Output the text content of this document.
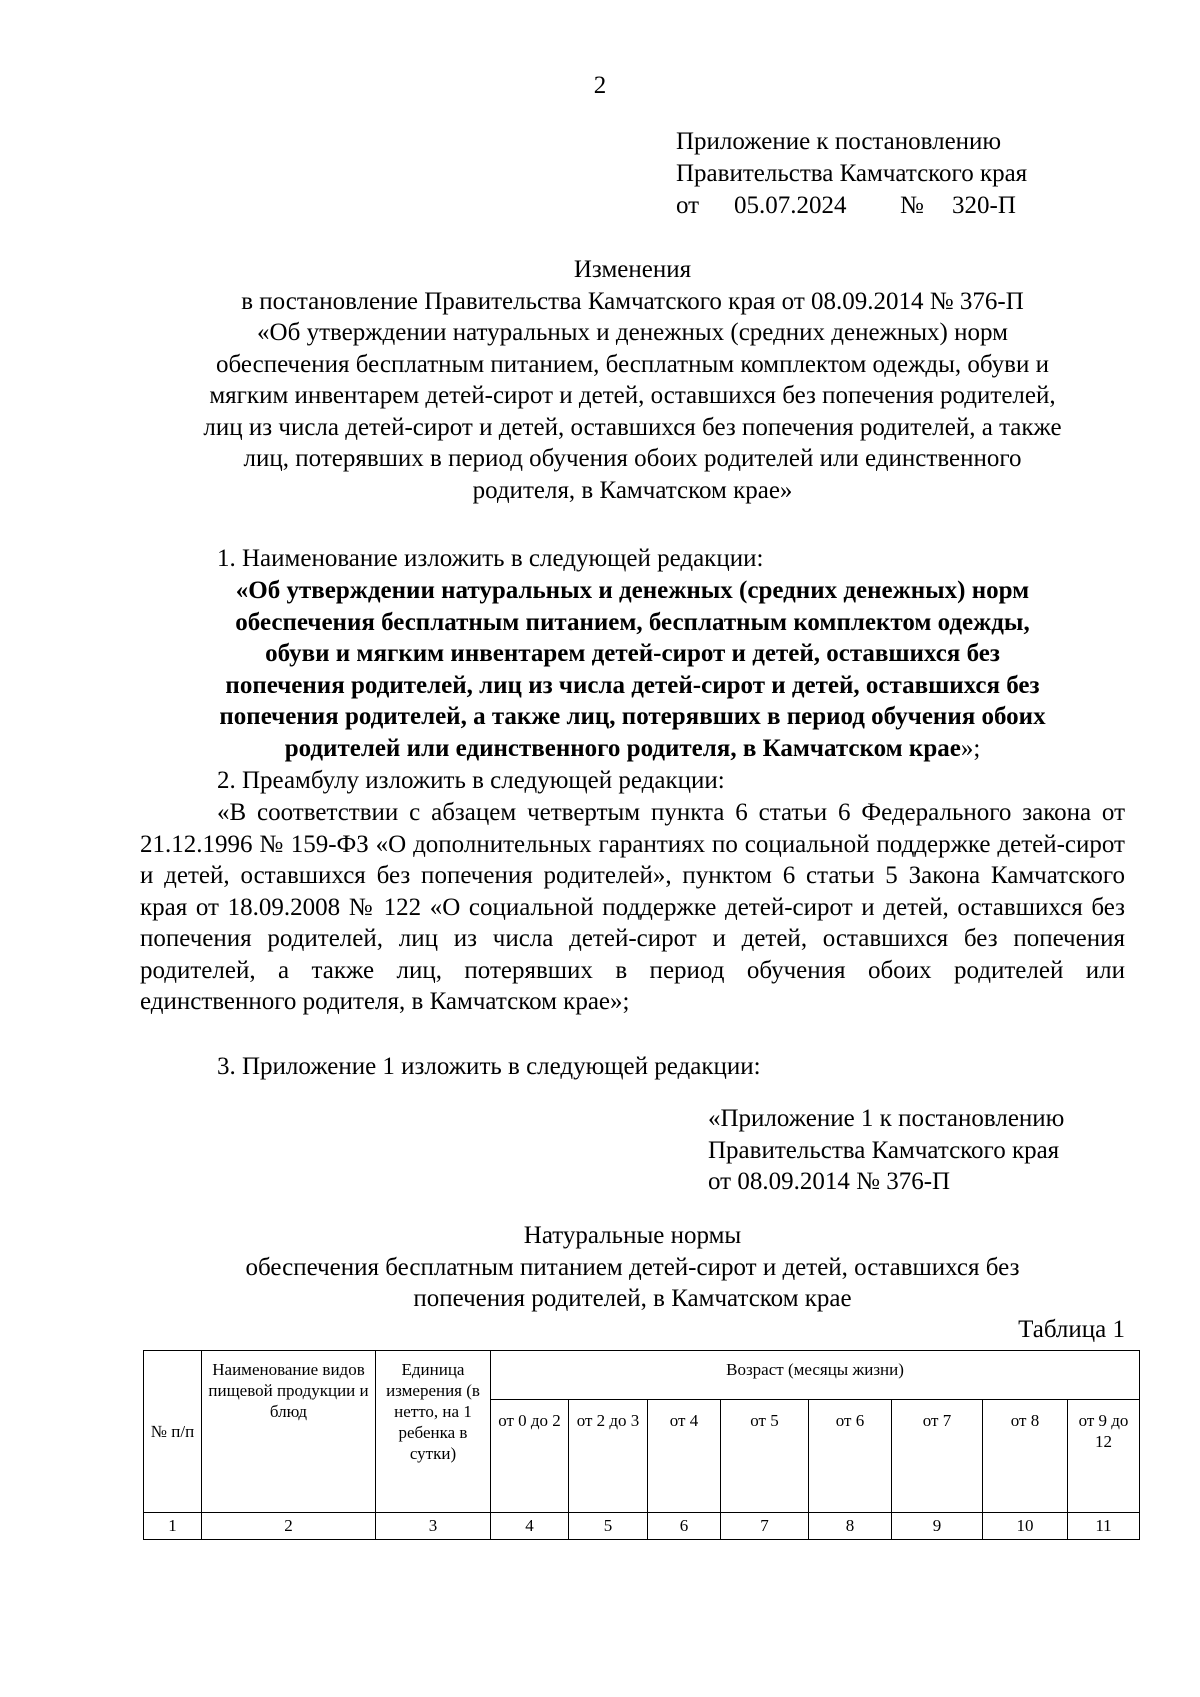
2
Приложение к постановлению
Правительства Камчатского края
от	05.07.2024	№	320-П
Изменения
в постановление Правительства Камчатского края от 08.09.2014 № 376-П
«Об утверждении натуральных и денежных (средних денежных) норм
обеспечения бесплатным питанием, бесплатным комплектом одежды, обуви и
мягким инвентарем детей-сирот и детей, оставшихся без попечения родителей,
лиц из числа детей-сирот и детей, оставшихся без попечения родителей, а также
лиц, потерявших в период обучения обоих родителей или единственного
родителя, в Камчатском крае»
1. Наименование изложить в следующей редакции:
«Об утверждении натуральных и денежных (средних денежных) норм
обеспечения бесплатным питанием, бесплатным комплектом одежды,
обуви и мягким инвентарем детей-сирот и детей, оставшихся без
попечения родителей, лиц из числа детей-сирот и детей, оставшихся без
попечения родителей, а также лиц, потерявших в период обучения обоих
родителей или единственного родителя, в Камчатском крае»;
2. Преамбулу изложить в следующей редакции:
«В соответствии с абзацем четвертым пункта 6 статьи 6 Федерального закона от 21.12.1996 № 159-ФЗ «О дополнительных гарантиях по социальной поддержке детей-сирот и детей, оставшихся без попечения родителей», пунктом 6 статьи 5 Закона Камчатского края от 18.09.2008 № 122 «О социальной поддержке детей-сирот и детей, оставшихся без попечения родителей, лиц из числа детей-сирот и детей, оставшихся без попечения родителей, а также лиц, потерявших в период обучения обоих родителей или единственного родителя, в Камчатском крае»;
3. Приложение 1 изложить в следующей редакции:
«Приложение 1 к постановлению
Правительства Камчатского края
от 08.09.2014 № 376-П
Натуральные нормы
обеспечения бесплатным питанием детей-сирот и детей, оставшихся без
попечения родителей, в Камчатском крае
Таблица 1
№ п/п	Наименование видов пищевой продукции и блюд	Единица измерения (в нетто, на 1 ребенка в сутки)	Возраст (месяцы жизни)							
			от 0 до 2	от 2 до 3	от 4	от 5	от 6	от 7	от 8	от 9 до 12
1	2	3	4	5	6	7	8	9	10	11
